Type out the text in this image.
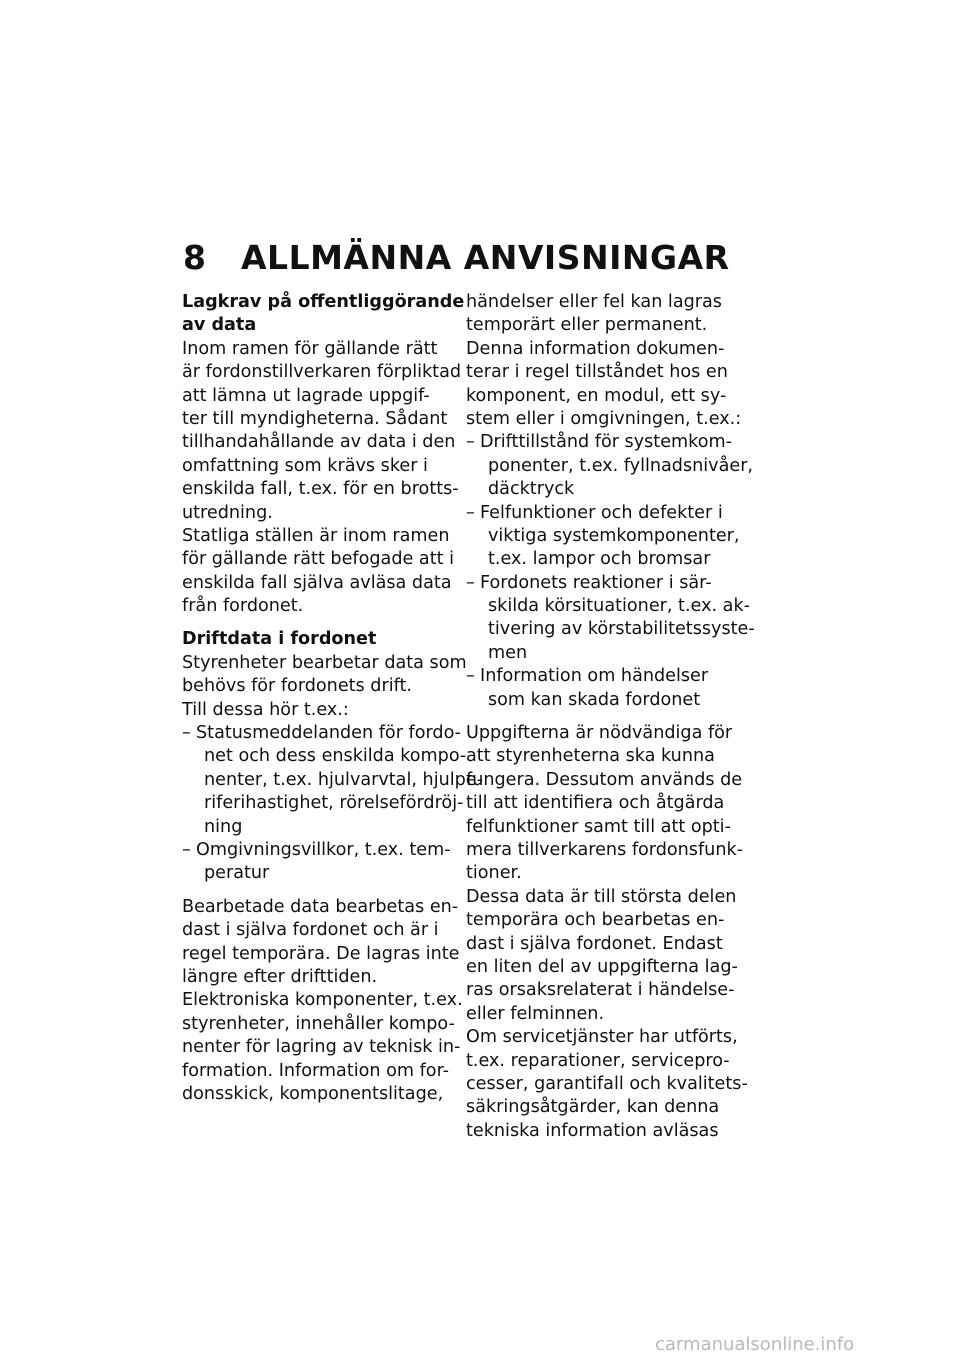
8 ALLMÄNNA ANVISNINGAR
Lagkrav på offentliggörande
av data
Inom ramen för gällande rätt
är fordonstillverkaren förpliktad
att lämna ut lagrade uppgif-
ter till myndigheterna. Sådant
tillhandahållande av data i den
omfattning som krävs sker i
enskilda fall, t.ex. för en brotts-
utredning.
Statliga ställen är inom ramen
för gällande rätt befogade att i
enskilda fall själva avläsa data
från fordonet.
Driftdata i fordonet
Styrenheter bearbetar data som
behövs för fordonets drift.
Till dessa hör t.ex.:
– Statusmeddelanden för fordo-
net och dess enskilda kompo-
nenter, t.ex. hjulvarvtal, hjulpe-
riferihastighet, rörelsefördröj-
ning
– Omgivningsvillkor, t.ex. tem-
peratur
Bearbetade data bearbetas en-
dast i själva fordonet och är i
regel temporära. De lagras inte
längre efter drifttiden.
Elektroniska komponenter, t.ex.
styrenheter, innehåller kompo-
nenter för lagring av teknisk in-
formation. Information om for-
donsskick, komponentslitage,
händelser eller fel kan lagras
temporärt eller permanent.
Denna information dokumen-
terar i regel tillståndet hos en
komponent, en modul, ett sy-
stem eller i omgivningen, t.ex.:
– Drifttillstånd för systemkom-
ponenter, t.ex. fyllnadsnivåer,
däcktryck
– Felfunktioner och defekter i
viktiga systemkomponenter,
t.ex. lampor och bromsar
– Fordonets reaktioner i sär-
skilda körsituationer, t.ex. ak-
tivering av körstabilitetssyste-
men
– Information om händelser
som kan skada fordonet
Uppgifterna är nödvändiga för
att styrenheterna ska kunna
fungera. Dessutom används de
till att identifiera och åtgärda
felfunktioner samt till att opti-
mera tillverkarens fordonsfunk-
tioner.
Dessa data är till största delen
temporära och bearbetas en-
dast i själva fordonet. Endast
en liten del av uppgifterna lag-
ras orsaksrelaterat i händelse-
eller felminnen.
Om servicetjänster har utförts,
t.ex. reparationer, servicepro-
cesser, garantifall och kvalitets-
säkringsåtgärder, kan denna
tekniska information avläsas
carmanualsonline.info
